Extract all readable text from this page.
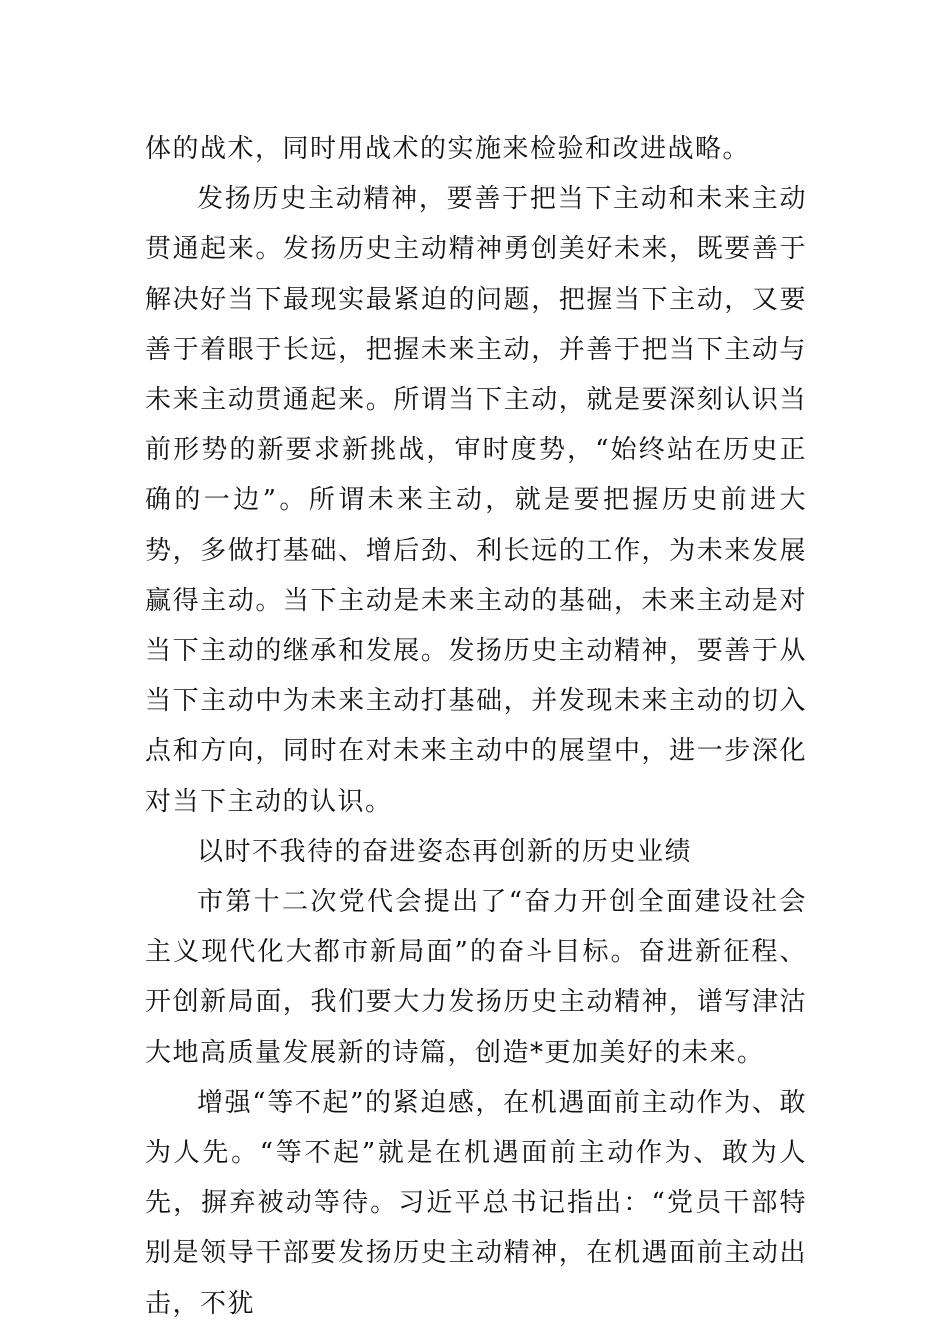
体的战术，同时用战术的实施来检验和改进战略。

发扬历史主动精神，要善于把当下主动和未来主动贯通起来。发扬历史主动精神勇创美好未来，既要善于解决好当下最现实最紧迫的问题，把握当下主动，又要善于着眼于长远，把握未来主动，并善于把当下主动与未来主动贯通起来。所谓当下主动，就是要深刻认识当前形势的新要求新挑战，审时度势，“始终站在历史正确的一边”。所谓未来主动，就是要把握历史前进大势，多做打基础、增后劲、利长远的工作，为未来发展赢得主动。当下主动是未来主动的基础，未来主动是对当下主动的继承和发展。发扬历史主动精神，要善于从当下主动中为未来主动打基础，并发现未来主动的切入点和方向，同时在对未来主动中的展望中，进一步深化对当下主动的认识。

以时不我待的奋进姿态再创新的历史业绩

市第十二次党代会提出了“奋力开创全面建设社会主义现代化大都市新局面”的奋斗目标。奋进新征程、开创新局面，我们要大力发扬历史主动精神，谱写津沽大地高质量发展新的诗篇，创造*更加美好的未来。

增强“等不起”的紧迫感，在机遇面前主动作为、敢为人先。“等不起”就是在机遇面前主动作为、敢为人先，摒弃被动等待。习近平总书记指出：“党员干部特别是领导干部要发扬历史主动精神，在机遇面前主动出击，不犹
